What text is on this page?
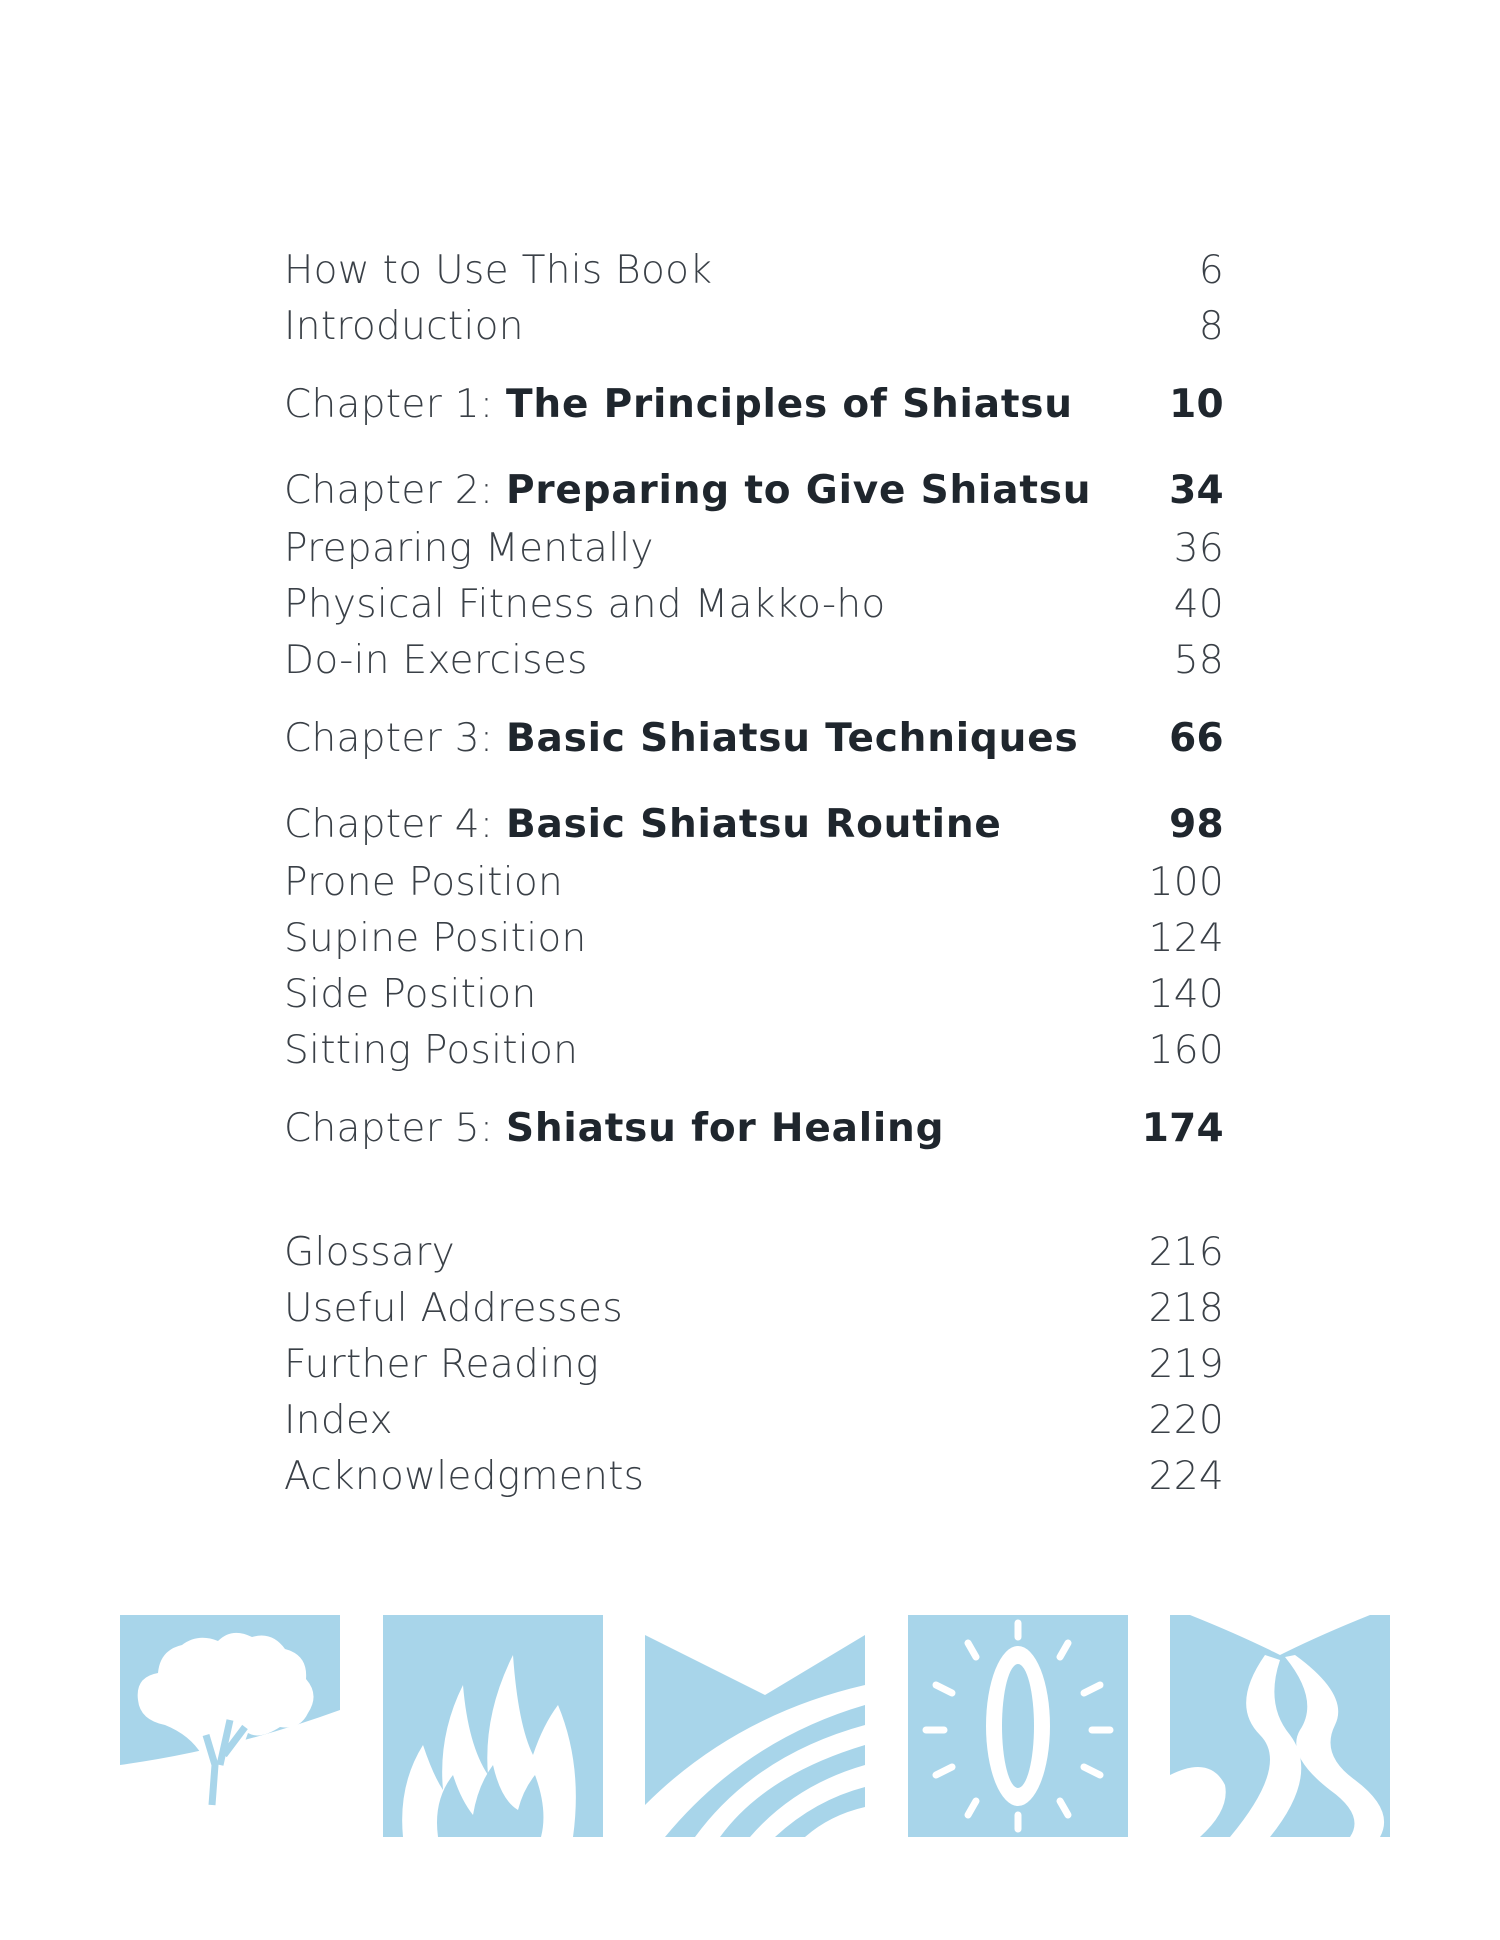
How to Use This Book	6
Introduction	8
Chapter 1: The Principles of Shiatsu 10
Chapter 2: Preparing to Give Shiatsu 34
Preparing Mentally	36
Physical Fitness and Makko-ho	40
Do-in Exercises	58
Chapter 3: Basic Shiatsu Techniques 66
Chapter 4: Basic Shiatsu Routine	98
Prone Position	100
Supine Position	124
Side Position	140
Sitting Position	160
Chapter 5: Shiatsu for Healing	174
Glossary	216
Useful Addresses	218
Further Reading	219
Index	220
Acknowledgments	224
